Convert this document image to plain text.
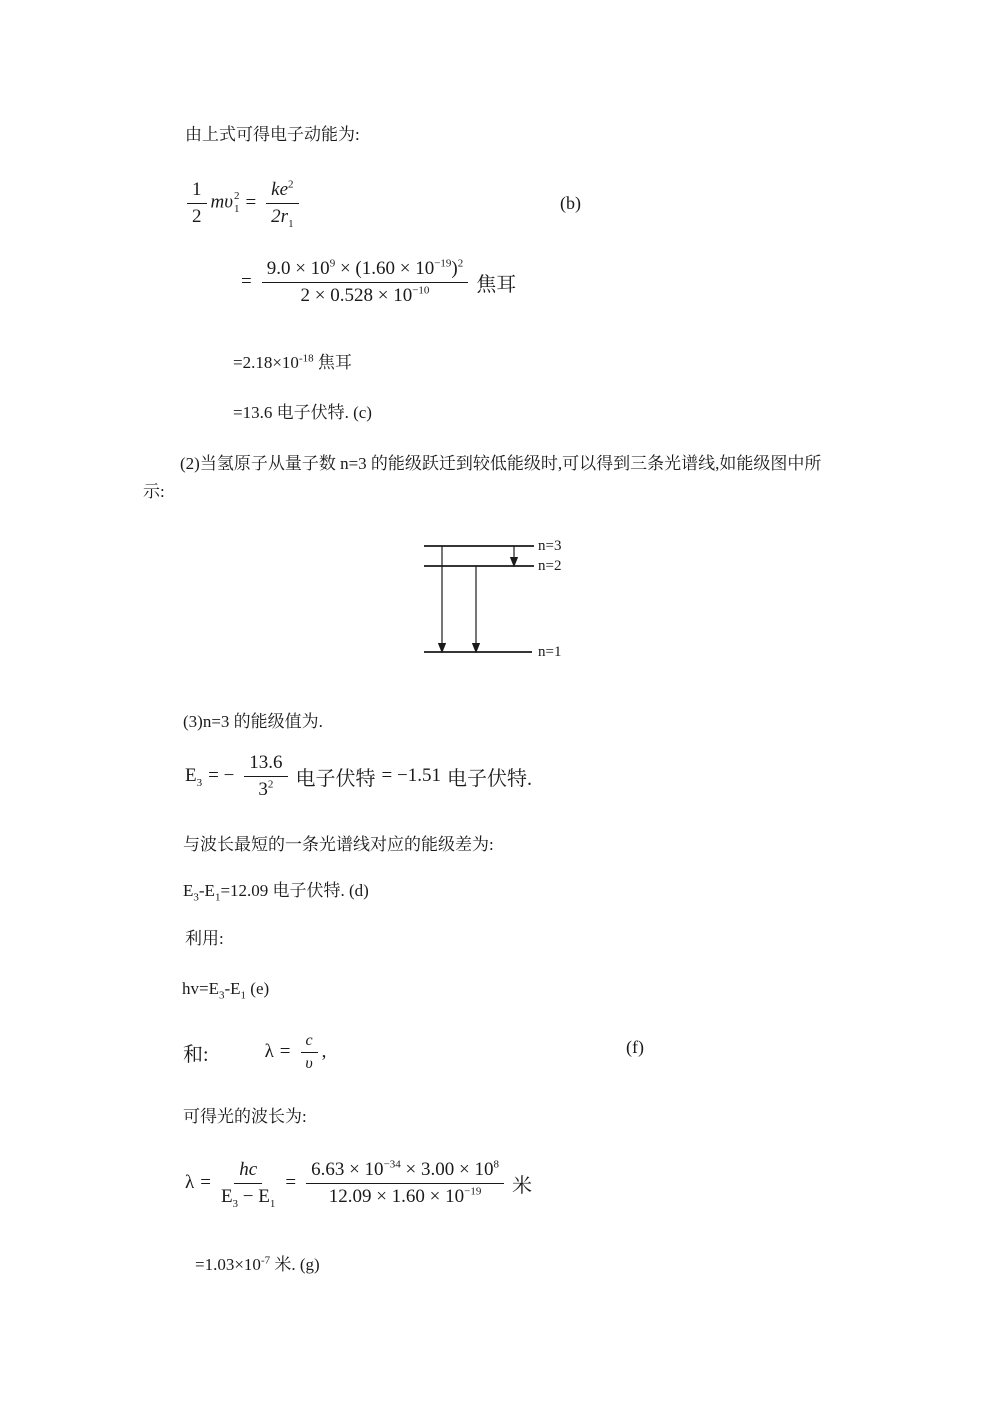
由上式可得电子动能为:
$\frac{1}{2}$ mυ 2
$1 = \frac{ke^2}{2r_1}$	(b)
= $\frac{9.0 \times 10^9 \times (1.60 \times 10^{-19})^2}{2 \times 0.528 \times 10^{-10}}$ 焦耳
$=2.18\times 10^{-18}$ 焦耳
=13.6 电子伏特. (c)
(2)当氢原子从量子数 n=3 的能级跃迁到较低能级时,可以得到三条光谱线,如能级图中所
示:
n=3
n=2
n=1
(3)n=3 的能级值为.
$E_3$ = − $\frac{13.6}{3^2}$ 电子伏特 = −1.51 电子伏特.
与波长最短的一条光谱线对应的能级差为:
$E_3-E_1=12.09$ 电子伏特. (d)
利用:
$hv=E_3-E_1$ (e)
和:	$\lambda = \frac{c}{\upsilon}$ ,	(f)
可得光的波长为:
$\lambda = \frac{hc}{E_3 - E_1} = \frac{6.63 \times 10^{-34} \times 3.00 \times 10^8}{12.09 \times 1.60 \times 10^{-19}}$ 米
$=1.03\times 10^{-7}$ 米. (g)
